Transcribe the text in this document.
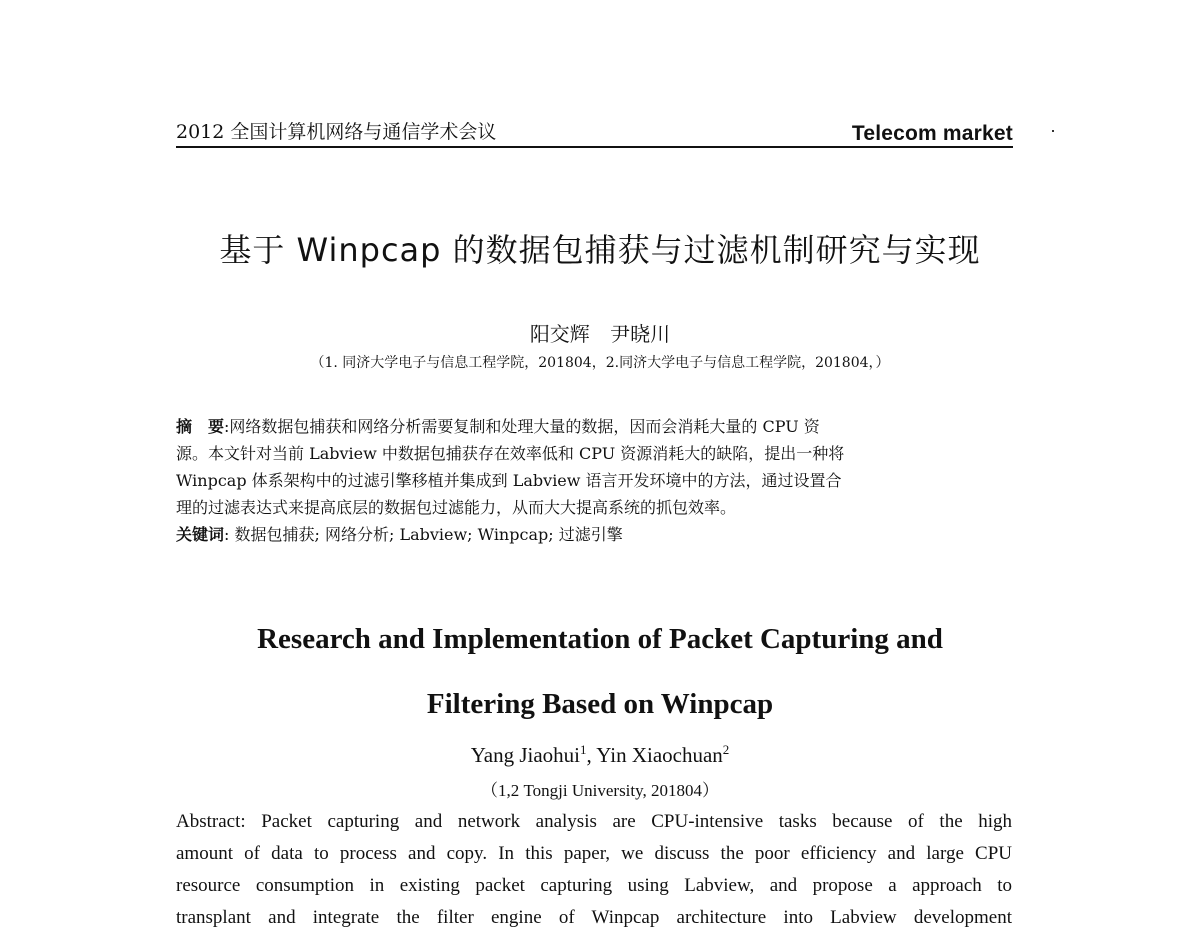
2012 全国计算机网络与通信学术会议	Telecom market
基于 Winpcap 的数据包捕获与过滤机制研究与实现
阳交辉 尹晓川
（1. 同济大学电子与信息工程学院，201804，2.同济大学电子与信息工程学院，201804，）
摘　要:网络数据包捕获和网络分析需要复制和处理大量的数据，因而会消耗大量的 CPU 资
源。本文针对当前 Labview 中数据包捕获存在效率低和 CPU 资源消耗大的缺陷，提出一种将
Winpcap 体系架构中的过滤引擎移植并集成到 Labview 语言开发环境中的方法，通过设置合
理的过滤表达式来提高底层的数据包过滤能力，从而大大提高系统的抓包效率。
关键词: 数据包捕获; 网络分析; Labview; Winpcap; 过滤引擎
Research and Implementation of Packet Capturing and
Filtering Based on Winpcap
Yang Jiaohui$^1$, Yin Xiaochuan$^2$
（1,2 Tongji University, 201804）
Abstract: Packet capturing and network analysis are CPU-intensive tasks because of the high
amount of data to process and copy. In this paper, we discuss the poor efficiency and large CPU
resource consumption in existing packet capturing using Labview, and propose a approach to
transplant and integrate the filter engine of Winpcap architecture into Labview development
